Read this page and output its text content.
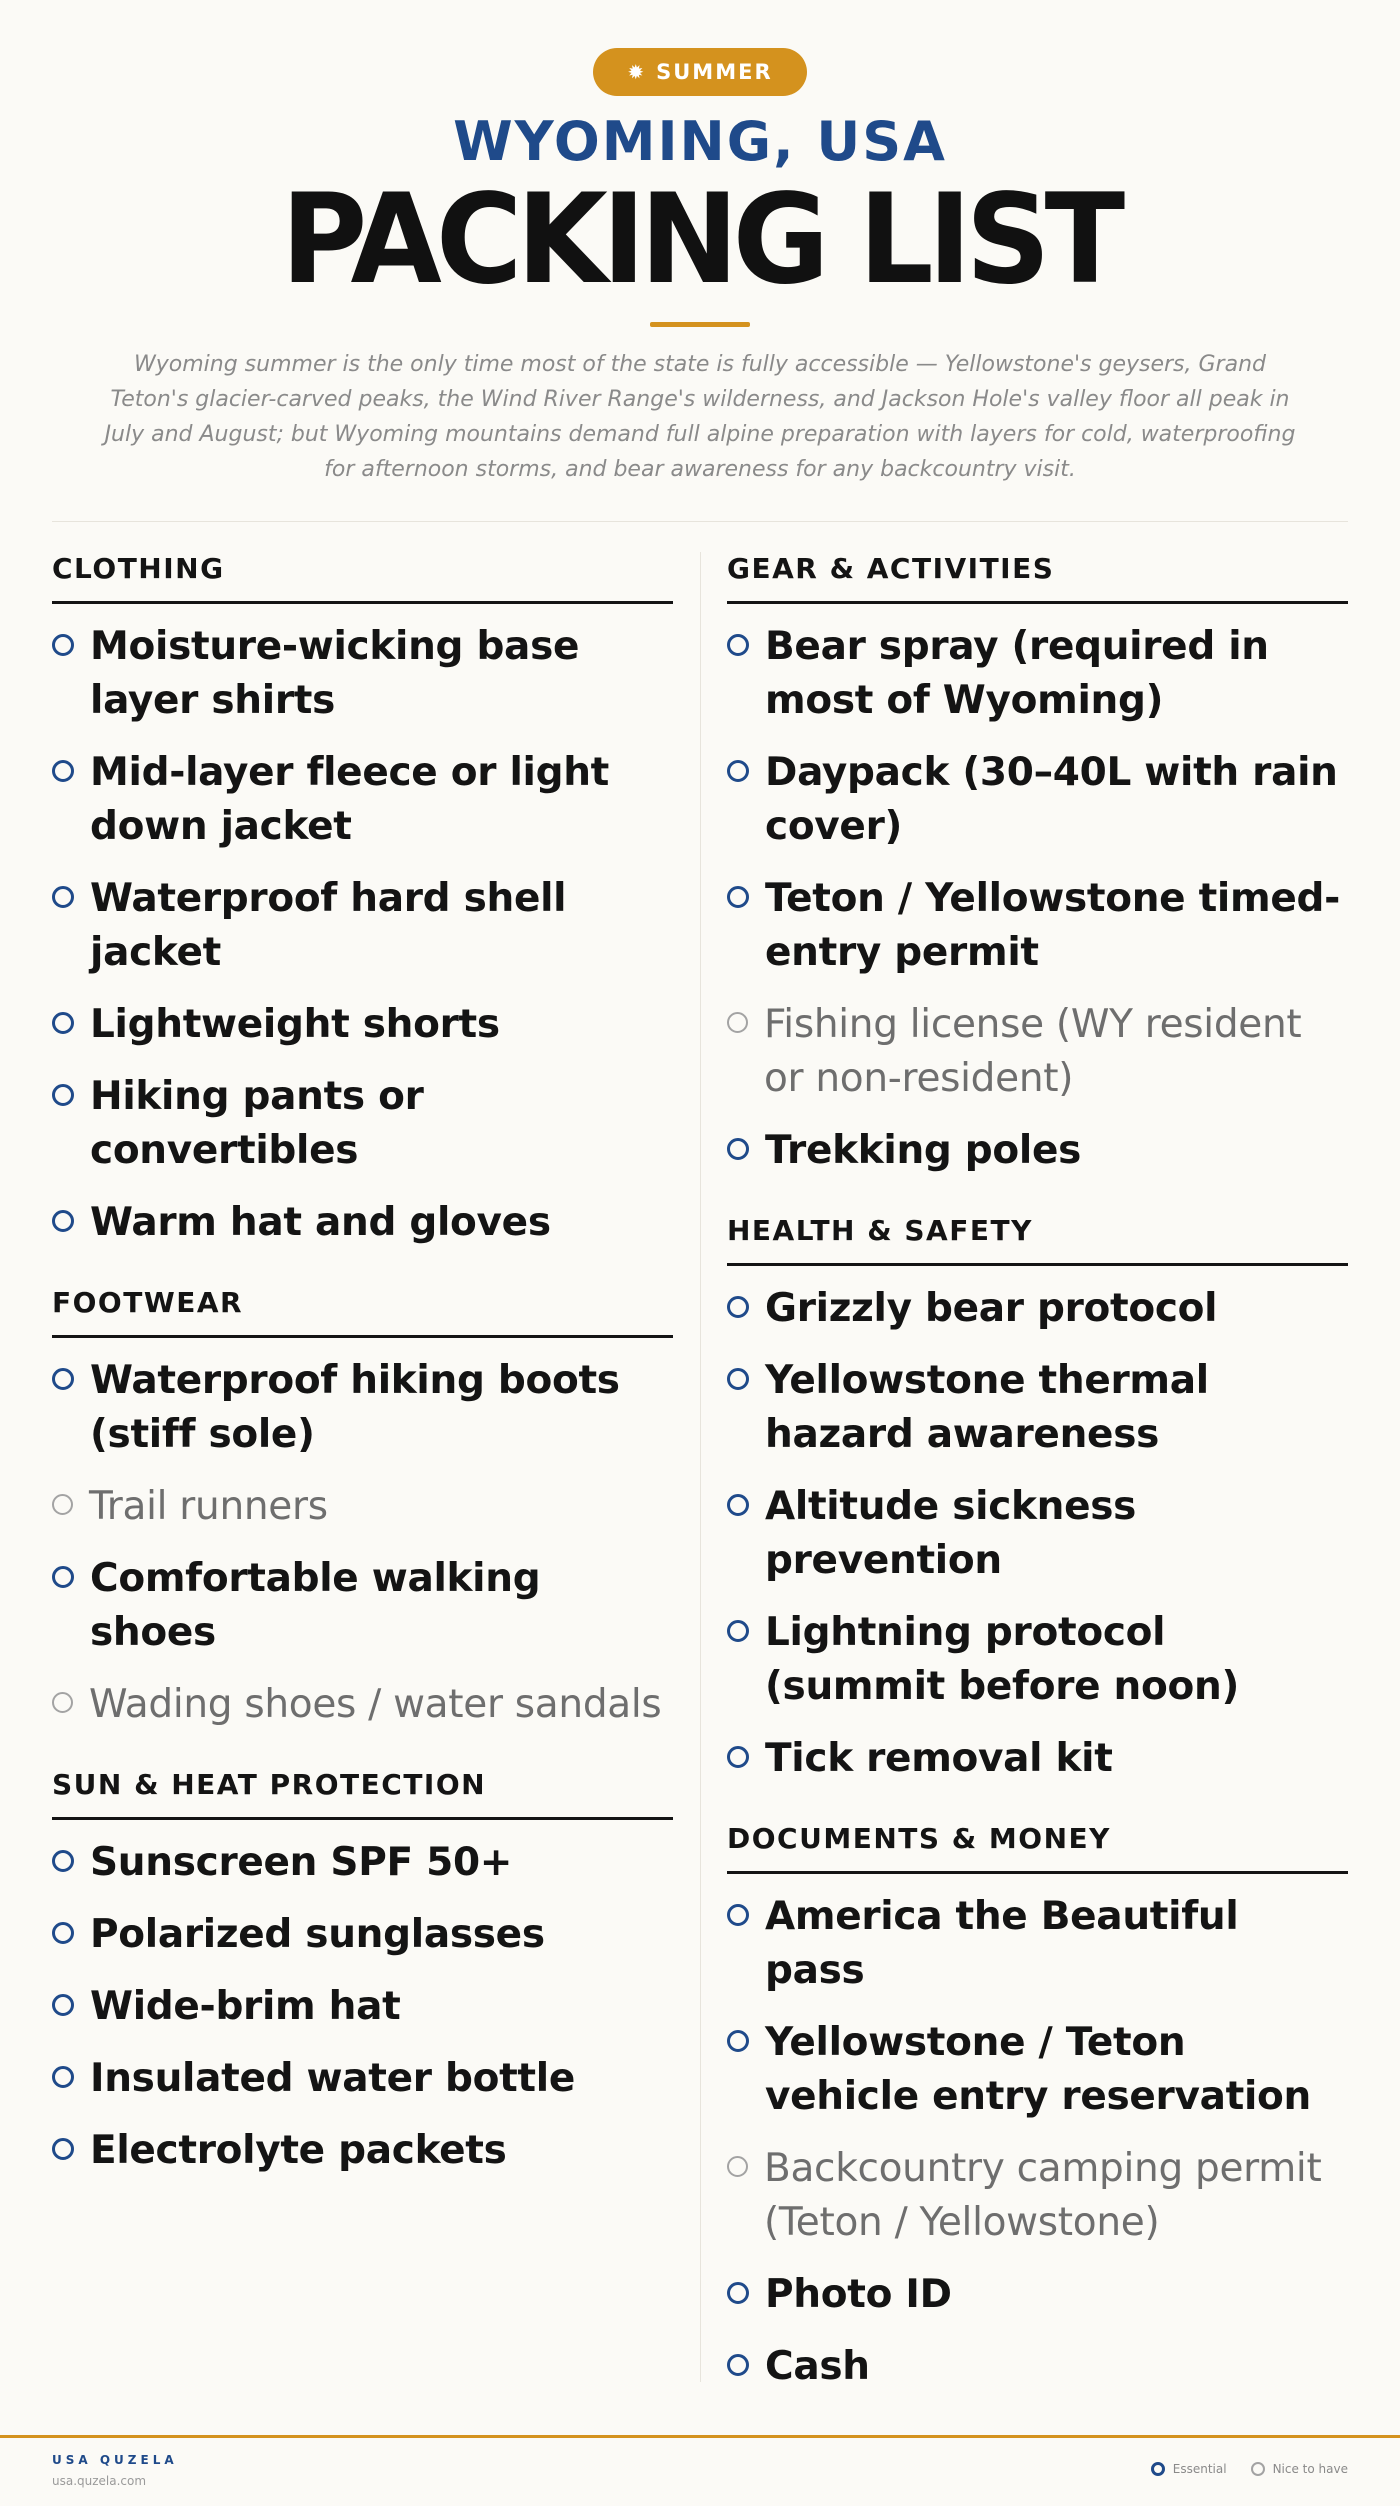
✹ SUMMER
WYOMING, USA
PACKING LIST

Wyoming summer is the only time most of the state is fully accessible — Yellowstone's geysers, Grand Teton's glacier-carved peaks, the Wind River Range's wilderness, and Jackson Hole's valley floor all peak in July and August; but Wyoming mountains demand full alpine preparation with layers for cold, waterproofing for afternoon storms, and bear awareness for any backcountry visit.

CLOTHING
Moisture-wicking base layer shirts
Mid-layer fleece or light down jacket
Waterproof hard shell jacket
Lightweight shorts
Hiking pants or convertibles
Warm hat and gloves
FOOTWEAR
Waterproof hiking boots (stiff sole)
Trail runners
Comfortable walking shoes
Wading shoes / water sandals
SUN & HEAT PROTECTION
Sunscreen SPF 50+
Polarized sunglasses
Wide-brim hat
Insulated water bottle
Electrolyte packets
GEAR & ACTIVITIES
Bear spray (required in most of Wyoming)
Daypack (30–40L with rain cover)
Teton / Yellowstone timed-entry permit
Fishing license (WY resident or non-resident)
Trekking poles
HEALTH & SAFETY
Grizzly bear protocol
Yellowstone thermal hazard awareness
Altitude sickness prevention
Lightning protocol (summit before noon)
Tick removal kit
DOCUMENTS & MONEY
America the Beautiful pass
Yellowstone / Teton vehicle entry reservation
Backcountry camping permit (Teton / Yellowstone)
Photo ID
Cash
USA QUZELA
usa.quzela.com
Essential	Nice to have
